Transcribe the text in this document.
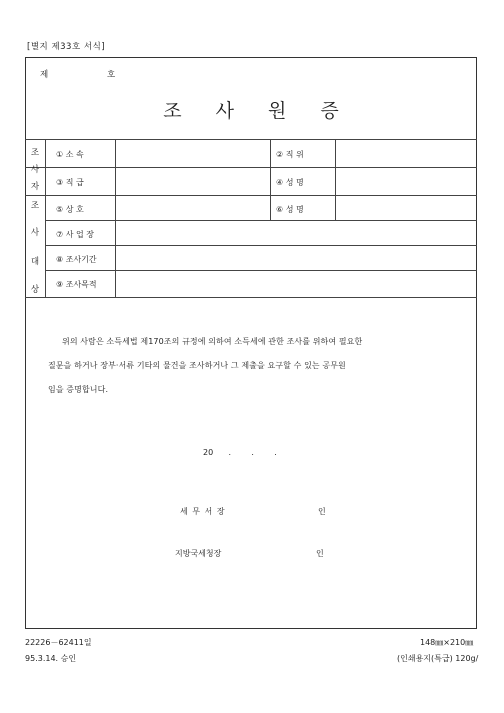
[별지 제33호 서식]
제	호
조사원증
조
사
자
조
사
대
상
① 소 속	② 직 위
③ 직 급	④ 성 명
⑤ 상 호	⑥ 성 명
⑦ 사 업 장
⑧ 조사기간
⑨ 조사목적
위의 사람은 소득세법 제170조의 규정에 의하여 소득세에 관한 조사를 위하여 필요한
질문을 하거나 장부·서류 기타의 물건을 조사하거나 그 제출을 요구할 수 있는 공무원
임을 증명합니다.
20      .        .        .
세 무 서 장	인
지방국세청장	인
22226－62411일	148㎜×210㎜
95.3.14. 승인	(인쇄용지(특급) 120g/
